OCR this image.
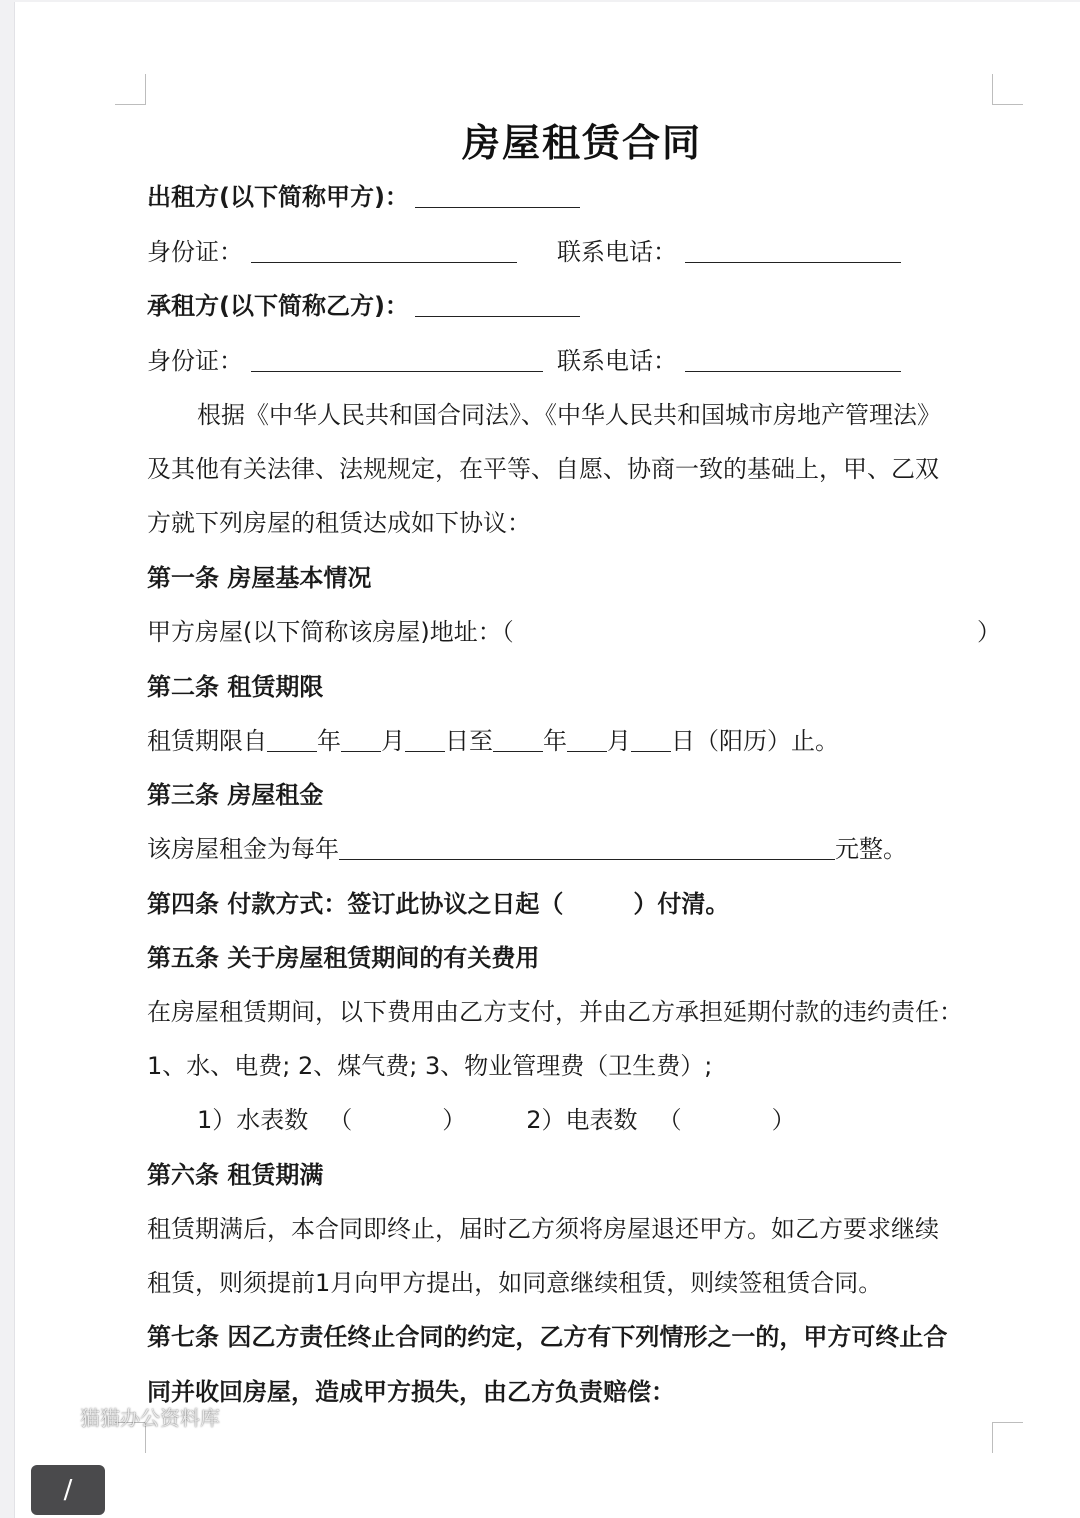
房屋租赁合同
出租方(以下简称甲方)：
身份证：	联系电话：
承租方(以下简称乙方)：
身份证：	联系电话：
根据《中华人民共和国合同法》、《中华人民共和国城市房地产管理法》
及其他有关法律、法规规定，在平等、自愿、协商一致的基础上，甲、乙双
方就下列房屋的租赁达成如下协议：
第一条 房屋基本情况
甲方房屋(以下简称该房屋)地址：（	）
第二条 租赁期限
租赁期限自 年 月 日至 年 月 日（阳历）止。
第三条 房屋租金
该房屋租金为每年	元整。
第四条 付款方式：签订此协议之日起（	）付清。
第五条 关于房屋租赁期间的有关费用
在房屋租赁期间，以下费用由乙方支付，并由乙方承担延期付款的违约责任：
1、水、电费; 2、煤气费; 3、物业管理费（卫生费）;
1）水表数 （	）	2）电表数 （	）
第六条 租赁期满
租赁期满后，本合同即终止，届时乙方须将房屋退还甲方。如乙方要求继续
租赁，则须提前1月向甲方提出，如同意继续租赁，则续签租赁合同。
第七条 因乙方责任终止合同的约定，乙方有下列情形之一的，甲方可终止合
同并收回房屋，造成甲方损失，由乙方负责赔偿：
猫猫办公资料库
/
